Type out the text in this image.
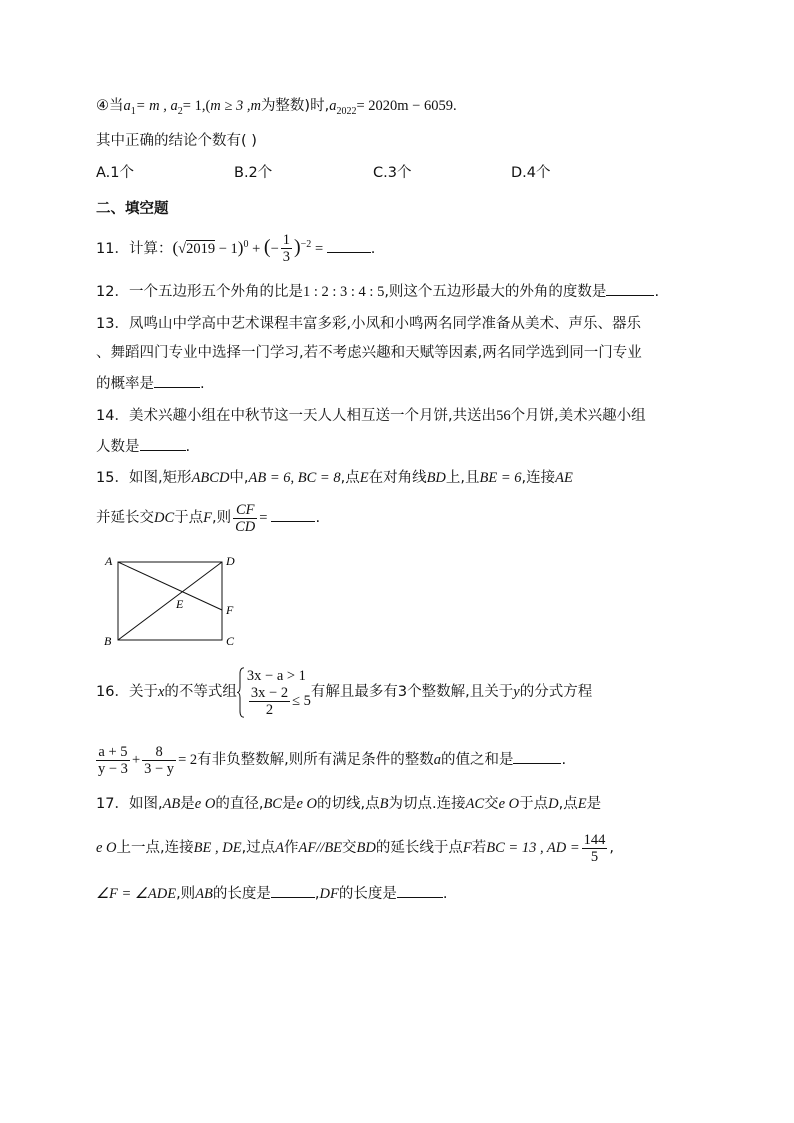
④当$a_1= m$ , $a_2= 1,(m \ge 3$ ,m为整数)时$,a_{2022}= 2020m - 6059$.
其中正确的结论个数有( )
A.1个	B.2个	C.3个	D.4个
二、填空题
11．计算：$(√2019 - 1)^0$ + (− $\frac{1}{3} )^{-2}$ =	.
12．一个五边形五个外角的比是1 : 2 : 3 : 4 : 5,则这个五边形最大的外角的度数是	.
13．凤鸣山中学高中艺术课程丰富多彩,小凤和小鸣两名同学准备从美术、声乐、器乐
、舞蹈四门专业中选择一门学习,若不考虑兴趣和天赋等因素,两名同学选到同一门专业
的概率是	.
14．美术兴趣小组在中秋节这一天人人相互送一个月饼,共送出56个月饼,美术兴趣小组
人数是	.
15．如图,矩形ABCD中,AB = 6, BC = 8,点E在对角线BD上,且BE = 6,连接AE
并延长交DC于点F,则 $\frac{CF}{CD}$ =	.
A	D
B	C
E	F
16．关于x的不等式组
3x − a > 1
$\frac{3x - 2}{2} \le 5$
有解且最多有3个整数解,且关于y的分式方程
$\frac{a + 5}{y - 3} + \frac{8}{3 - y} = 2$有非负整数解,则所有满足条件的整数a的值之和是	.
17．如图,AB是e O的直径,BC是e O的切线,点B为切点.连接AC交e O于点D,点E是
e O上一点,连接BE , DE,过点A作AF//BE交BD的延长线于点F若BC = 13 , AD = $\frac{144}{5}$ ,
∠F = ∠ADE,则AB的长度是	,DF的长度是	.
